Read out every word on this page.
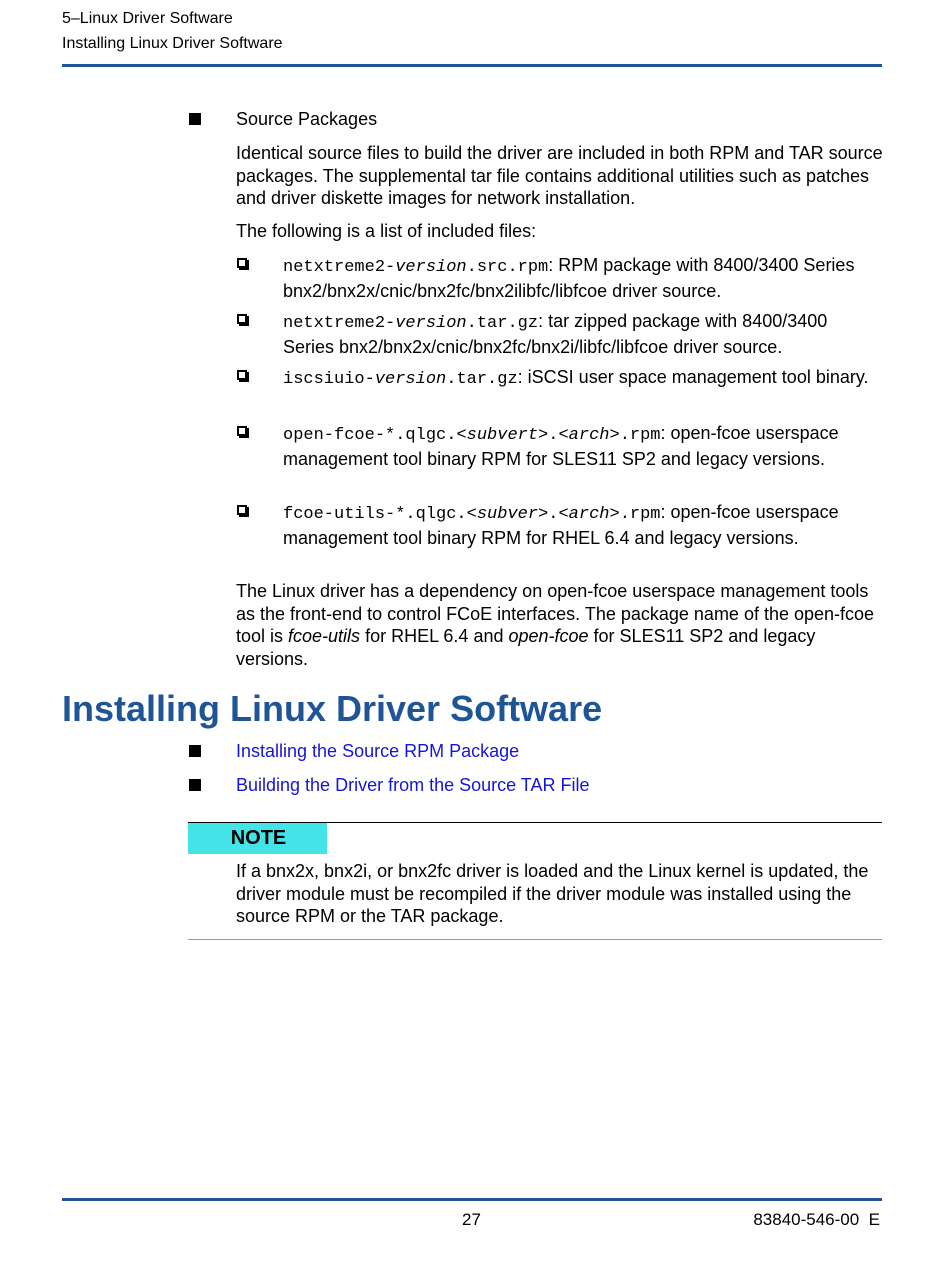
5–Linux Driver Software
Installing Linux Driver Software
Source Packages

Identical source files to build the driver are included in both RPM and TAR source packages. The supplemental tar file contains additional utilities such as patches and driver diskette images for network installation.

The following is a list of included files:

netxtreme2-version.src.rpm: RPM package with 8400/3400 Series bnx2/bnx2x/cnic/bnx2fc/bnx2ilibfc/libfcoe driver source.
netxtreme2-version.tar.gz: tar zipped package with 8400/3400 Series bnx2/bnx2x/cnic/bnx2fc/bnx2i/libfc/libfcoe driver source.
iscsiuio-version.tar.gz: iSCSI user space management tool binary.
open-fcoe-*.qlgc.<subvert>.<arch>.rpm: open-fcoe userspace management tool binary RPM for SLES11 SP2 and legacy versions.
fcoe-utils-*.qlgc.<subver>.<arch>.rpm: open-fcoe userspace management tool binary RPM for RHEL 6.4 and legacy versions.

The Linux driver has a dependency on open-fcoe userspace management tools as the front-end to control FCoE interfaces. The package name of the open-fcoe tool is fcoe-utils for RHEL 6.4 and open-fcoe for SLES11 SP2 and legacy versions.

Installing Linux Driver Software
Installing the Source RPM Package
Building the Driver from the Source TAR File
NOTE

If a bnx2x, bnx2i, or bnx2fc driver is loaded and the Linux kernel is updated, the driver module must be recompiled if the driver module was installed using the source RPM or the TAR package.

27	83840-546-00  E
